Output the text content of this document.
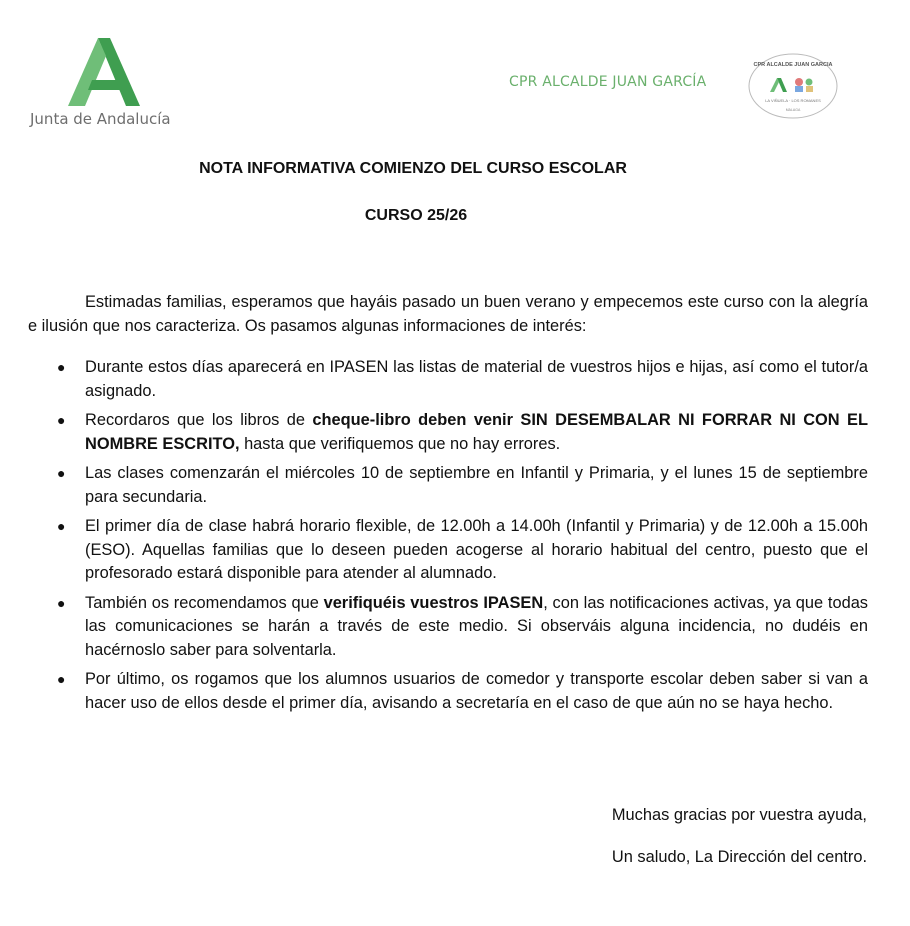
Junta de Andalucía
CPR ALCALDE JUAN GARCÍA
CPR ALCALDE JUAN GARCÍA
LA VIÑUELA · LOS ROMANES
MÁLAGA
NOTA INFORMATIVA COMIENZO DEL CURSO ESCOLAR
CURSO 25/26

Estimadas familias, esperamos que hayáis pasado un buen verano y empecemos este curso con la alegría e ilusión que nos caracteriza. Os pasamos algunas informaciones de interés:

● Durante estos días aparecerá en IPASEN las listas de material de vuestros hijos e hijas, así como el tutor/a asignado.
● Recordaros que los libros de cheque-libro deben venir SIN DESEMBALAR NI FORRAR NI CON EL NOMBRE ESCRITO, hasta que verifiquemos que no hay errores.
● Las clases comenzarán el miércoles 10 de septiembre en Infantil y Primaria, y el lunes 15 de septiembre para secundaria.
● El primer día de clase habrá horario flexible, de 12.00h a 14.00h (Infantil y Primaria) y de 12.00h a 15.00h (ESO). Aquellas familias que lo deseen pueden acogerse al horario habitual del centro, puesto que el profesorado estará disponible para atender al alumnado.
● También os recomendamos que verifiquéis vuestros IPASEN, con las notificaciones activas, ya que todas las comunicaciones se harán a través de este medio. Si observáis alguna incidencia, no dudéis en hacérnoslo saber para solventarla.
● Por último, os rogamos que los alumnos usuarios de comedor y transporte escolar deben saber si van a hacer uso de ellos desde el primer día, avisando a secretaría en el caso de que aún no se haya hecho.
Muchas gracias por vuestra ayuda,
Un saludo, La Dirección del centro.
